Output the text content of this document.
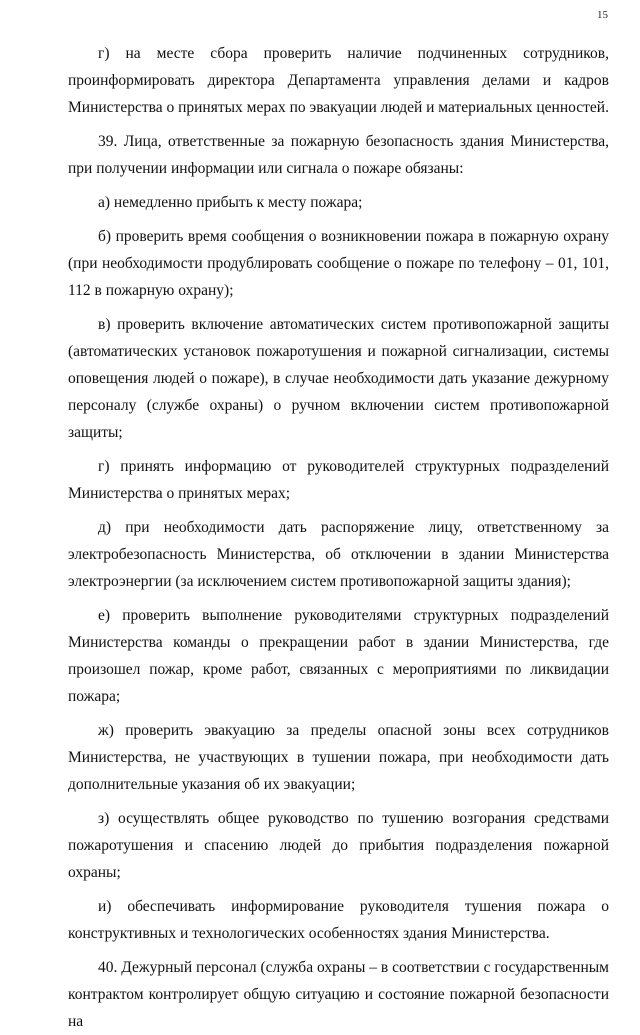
15

г) на месте сбора проверить наличие подчиненных сотрудников, проинформировать директора Департамента управления делами и кадров Министерства о принятых мерах по эвакуации людей и материальных ценностей.

39. Лица, ответственные за пожарную безопасность здания Министерства, при получении информации или сигнала о пожаре обязаны:

а) немедленно прибыть к месту пожара;

б) проверить время сообщения о возникновении пожара в пожарную охрану (при необходимости продублировать сообщение о пожаре по телефону – 01, 101, 112 в пожарную охрану);

в) проверить включение автоматических систем противопожарной защиты (автоматических установок пожаротушения и пожарной сигнализации, системы оповещения людей о пожаре), в случае необходимости дать указание дежурному персоналу (службе охраны) о ручном включении систем противопожарной защиты;

г) принять информацию от руководителей структурных подразделений Министерства о принятых мерах;

д) при необходимости дать распоряжение лицу, ответственному за электробезопасность Министерства, об отключении в здании Министерства электроэнергии (за исключением систем противопожарной защиты здания);

е) проверить выполнение руководителями структурных подразделений Министерства команды о прекращении работ в здании Министерства, где произошел пожар, кроме работ, связанных с мероприятиями по ликвидации пожара;

ж) проверить эвакуацию за пределы опасной зоны всех сотрудников Министерства, не участвующих в тушении пожара, при необходимости дать дополнительные указания об их эвакуации;

з) осуществлять общее руководство по тушению возгорания средствами пожаротушения и спасению людей до прибытия подразделения пожарной охраны;

и) обеспечивать информирование руководителя тушения пожара о конструктивных и технологических особенностях здания Министерства.

40. Дежурный персонал (служба охраны – в соответствии с государственным контрактом контролирует общую ситуацию и состояние пожарной безопасности на
